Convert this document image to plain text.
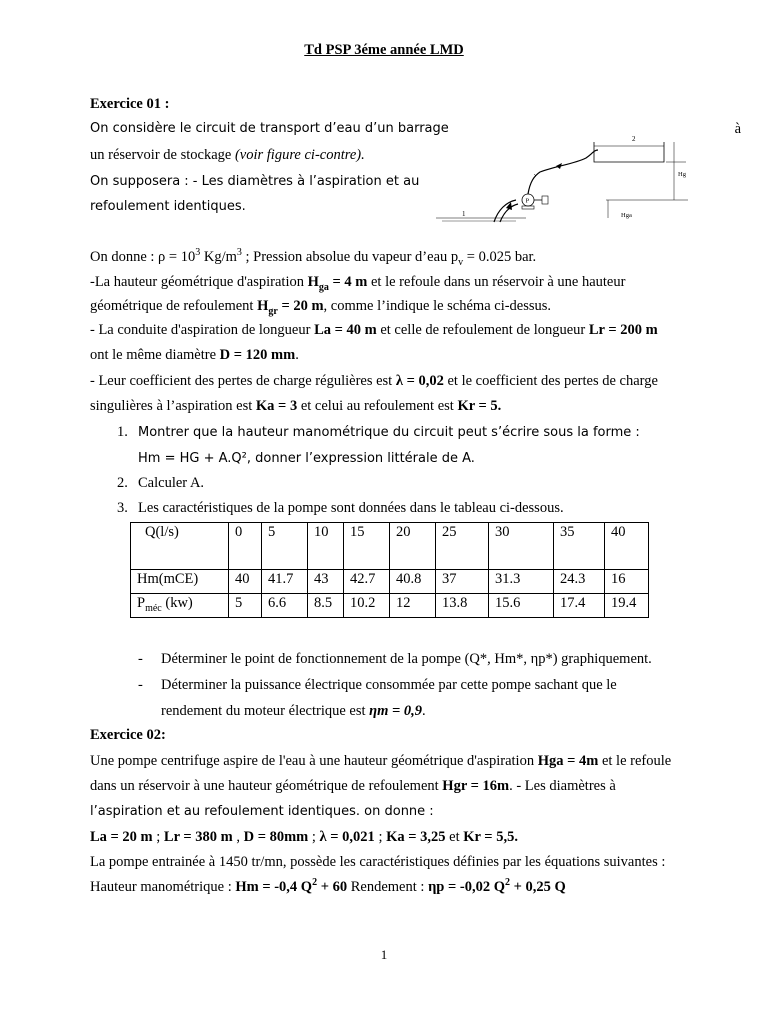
Td PSP 3éme année LMD
Exercice 01 :
On considère le circuit de transport d’eau d’un barrage	à
un réservoir de stockage (voir figure ci-contre).
On supposera : - Les diamètres à l’aspiration et au
refoulement identiques.
2
Hg
Hga
1
P
On donne : $\rho = 10^3$ $Kg/m^3$ ; Pression absolue du vapeur d’eau $p_v = 0.025$ bar.
-La hauteur géométrique d'aspiration $H_{ga} = 4$ m et le refoule dans un réservoir à une hauteur
géométrique de refoulement $H_{gr} = 20$ m, comme l’indique le schéma ci-dessus.
- La conduite d'aspiration de longueur La = 40 m et celle de refoulement de longueur Lr = 200 m
ont le même diamètre D = 120 mm.
- Leur coefficient des pertes de charge régulières est λ = 0,02 et le coefficient des pertes de charge
singulières à l’aspiration est Ka = 3 et celui au refoulement est Kr = 5.
1. Montrer que la hauteur manométrique du circuit peut s’écrire sous la forme :
Hm = HG + A.Q², donner l’expression littérale de A.
2. Calculer A.
3. Les caractéristiques de la pompe sont données dans le tableau ci-dessous.
Q(l/s)	0	5	10	15	20	25	30	35	40
Hm(mCE)	40	41.7	43	42.7	40.8	37	31.3	24.3	16
$P_{méc}$ (kw)	5	6.6	8.5	10.2	12	13.8	15.6	17.4	19.4
- Déterminer le point de fonctionnement de la pompe (Q*, Hm*, ηp*) graphiquement.
- Déterminer la puissance électrique consommée par cette pompe sachant que le
rendement du moteur électrique est ηm = 0,9.
Exercice 02:
Une pompe centrifuge aspire de l'eau à une hauteur géométrique d'aspiration Hga = 4m et le refoule
dans un réservoir à une hauteur géométrique de refoulement Hgr = 16m. - Les diamètres à
l’aspiration et au refoulement identiques. on donne :
La = 20 m ; Lr = 380 m , D = 80mm ; λ = 0,021 ; Ka = 3,25 et Kr = 5,5.
La pompe entrainée à 1450 tr/mn, possède les caractéristiques définies par les équations suivantes :
Hauteur manométrique : Hm = -0,4 $Q^2 + 60$ Rendement : ηp = -0,02 $Q^2 + 0,25$ Q
1
